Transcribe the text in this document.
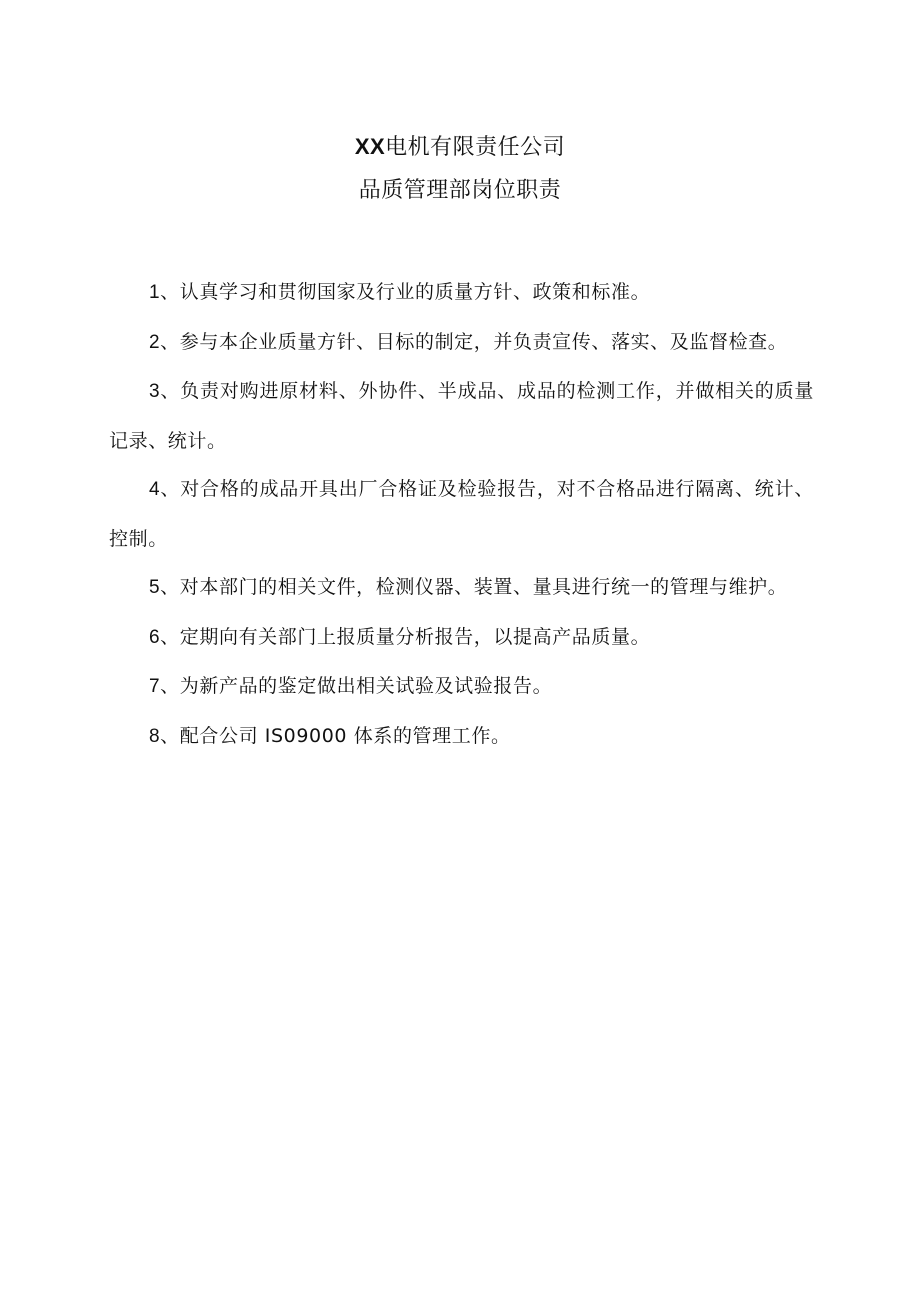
XX电机有限责任公司
品质管理部岗位职责

1、认真学习和贯彻国家及行业的质量方针、政策和标准。

2、参与本企业质量方针、目标的制定，并负责宣传、落实、及监督检查。

3、负责对购进原材料、外协件、半成品、成品的检测工作，并做相关的质量记录、统计。

4、对合格的成品开具出厂合格证及检验报告，对不合格品进行隔离、统计、控制。

5、对本部门的相关文件，检测仪器、装置、量具进行统一的管理与维护。

6、定期向有关部门上报质量分析报告，以提高产品质量。

7、为新产品的鉴定做出相关试验及试验报告。

8、配合公司 IS09000 体系的管理工作。
